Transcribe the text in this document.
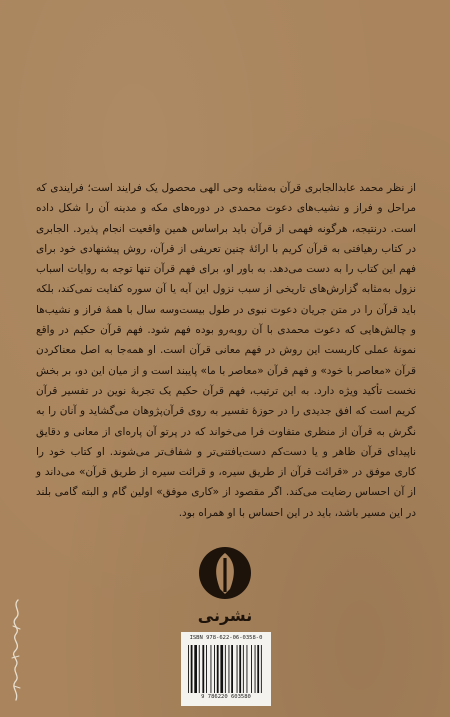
از نظر محمد عابدالجابری قرآن به‌مثابه وحی الهی محصول یک فرایند است؛ فرایندی که مراحل و فراز و نشیب‌های دعوت محمدی در دوره‌های مکه و مدینه آن را شکل داده است. درنتیجه، هرگونه فهمی از قرآن باید براساس همین واقعیت انجام پذیرد. الجابری در کتاب رهیافتی به قرآن کریم با ارائهٔ چنین تعریفی از قرآن، روش پیشنهادی خود برای فهم این کتاب را به دست می‌دهد. به باور او، برای فهم قرآن تنها توجه به روایات اسباب نزول به‌مثابه گزارش‌های تاریخی از سبب نزول این آیه یا آن سوره کفایت نمی‌کند، بلکه باید قرآن را در متن جریان دعوت نبوی در طول بیست‌وسه سال با همهٔ فراز و نشیب‌ها و چالش‌هایی که دعوت محمدی با آن روبه‌رو بوده فهم شود. فهم قرآن حکیم در واقع نمونهٔ عملی کاربست این روش در فهم معانی قرآن است. او همه‌جا به اصل معناکردن قرآن «معاصر با خود» و فهم قرآن «معاصر با ما» پایبند است و از میان این دو، بر بخش نخست تأکید ویژه دارد. به این ترتیب، فهم قرآن حکیم یک تجربهٔ نوین در تفسیر قرآن کریم است که افق جدیدی را در حوزهٔ تفسیر به روی قرآن‌پژوهان می‌گشاید و آنان را به نگرش به قرآن از منظری متفاوت فرا می‌خواند که در پرتو آن پاره‌ای از معانی و دقایق ناپیدای قرآن ظاهر و یا دست‌کم دست‌یافتنی‌تر و شفاف‌تر می‌شوند. او کتاب خود را کاری موفق در «قرائت قرآن از طریق سیره، و قرائت سیره از طریق قرآن» می‌داند و از آن احساس رضایت می‌کند. اگر مقصود از «کاری موفق» اولین گام و البته گامی بلند در این مسیر باشد، باید در این احساس با او همراه بود.

نشرنی
ISBN 978-622-06-0358-0
9 786220 603580
